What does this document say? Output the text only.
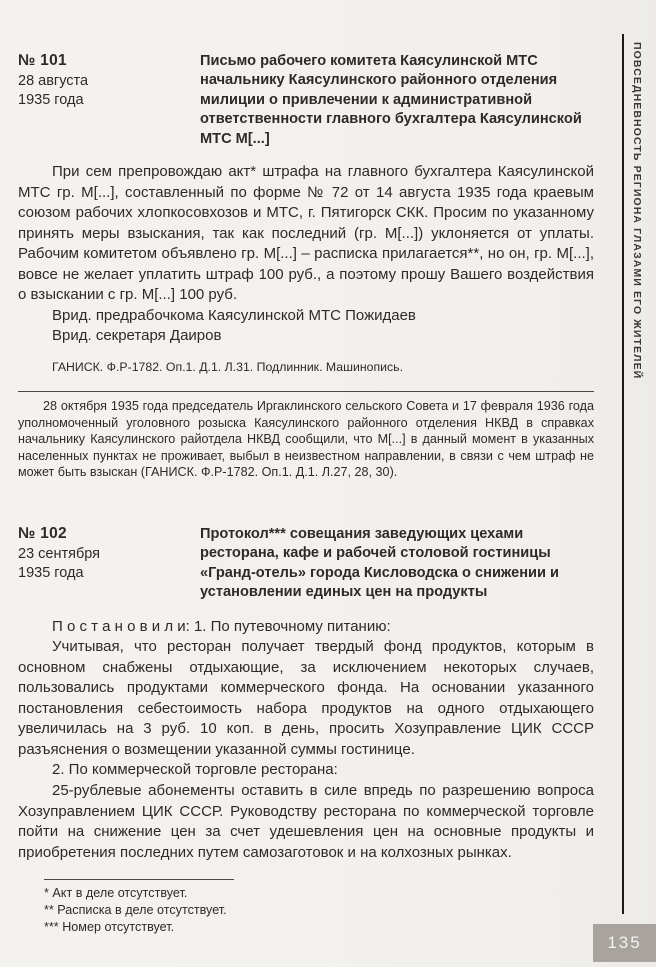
№ 101
28 августа
1935 года
Письмо рабочего комитета Каясулинской МТС начальнику Каясулинского районного отделения милиции о привлечении к административной ответственности главного бухгалтера Каясулинской МТС М[...]

При сем препровождаю акт* штрафа на главного бухгалтера Каясулинской МТС гр. М[...], составленный по форме № 72 от 14 августа 1935 года краевым союзом рабочих хлопкосовхозов и МТС, г. Пятигорск СКК. Просим по указанному принять меры взыскания, так как последний (гр. М[...]) уклоняется от уплаты. Рабочим комитетом объявлено гр. М[...] – расписка прилагается**, но он, гр. М[...], вовсе не желает уплатить штраф 100 руб., а поэтому прошу Вашего воздействия о взыскании с гр. М[...] 100 руб.

Врид. предрабочкома Каясулинской МТС Пожидаев

Врид. секретаря Даиров

ГАНИСК. Ф.Р-1782. Оп.1. Д.1. Л.31. Подлинник. Машинопись.

28 октября 1935 года председатель Иргаклинского сельского Совета и 17 февраля 1936 года уполномоченный уголовного розыска Каясулинского районного отделения НКВД в справках начальнику Каясулинского райотдела НКВД сообщили, что М[...] в данный момент в указанных населенных пунктах не проживает, выбыл в неизвестном направлении, в связи с чем штраф не может быть взыскан (ГАНИСК. Ф.Р-1782. Оп.1. Д.1. Л.27, 28, 30).

№ 102
23 сентября
1935 года
Протокол*** совещания заведующих цехами ресторана, кафе и рабочей столовой гостиницы «Гранд-отель» города Кисловодска о снижении и установлении единых цен на продукты

П о с т а н о в и л и: 1. По путевочному питанию:

Учитывая, что ресторан получает твердый фонд продуктов, которым в основном снабжены отдыхающие, за исключением некоторых случаев, пользовались продуктами коммерческого фонда. На основании указанного постановления себестоимость набора продуктов на одного отдыхающего увеличилась на 3 руб. 10 коп. в день, просить Хозуправление ЦИК СССР разъяснения о возмещении указанной суммы гостинице.

2. По коммерческой торговле ресторана:

25-рублевые абонементы оставить в силе впредь по разрешению вопроса Хозуправлением ЦИК СССР. Руководству ресторана по коммерческой торговле пойти на снижение цен за счет удешевления цен на основные продукты и приобретения последних путем самозаготовок и на колхозных рынках.

* Акт в деле отсутствует.

** Расписка в деле отсутствует.

*** Номер отсутствует.

ПОВСЕДНЕВНОСТЬ РЕГИОНА ГЛАЗАМИ ЕГО ЖИТЕЛЕЙ
135
